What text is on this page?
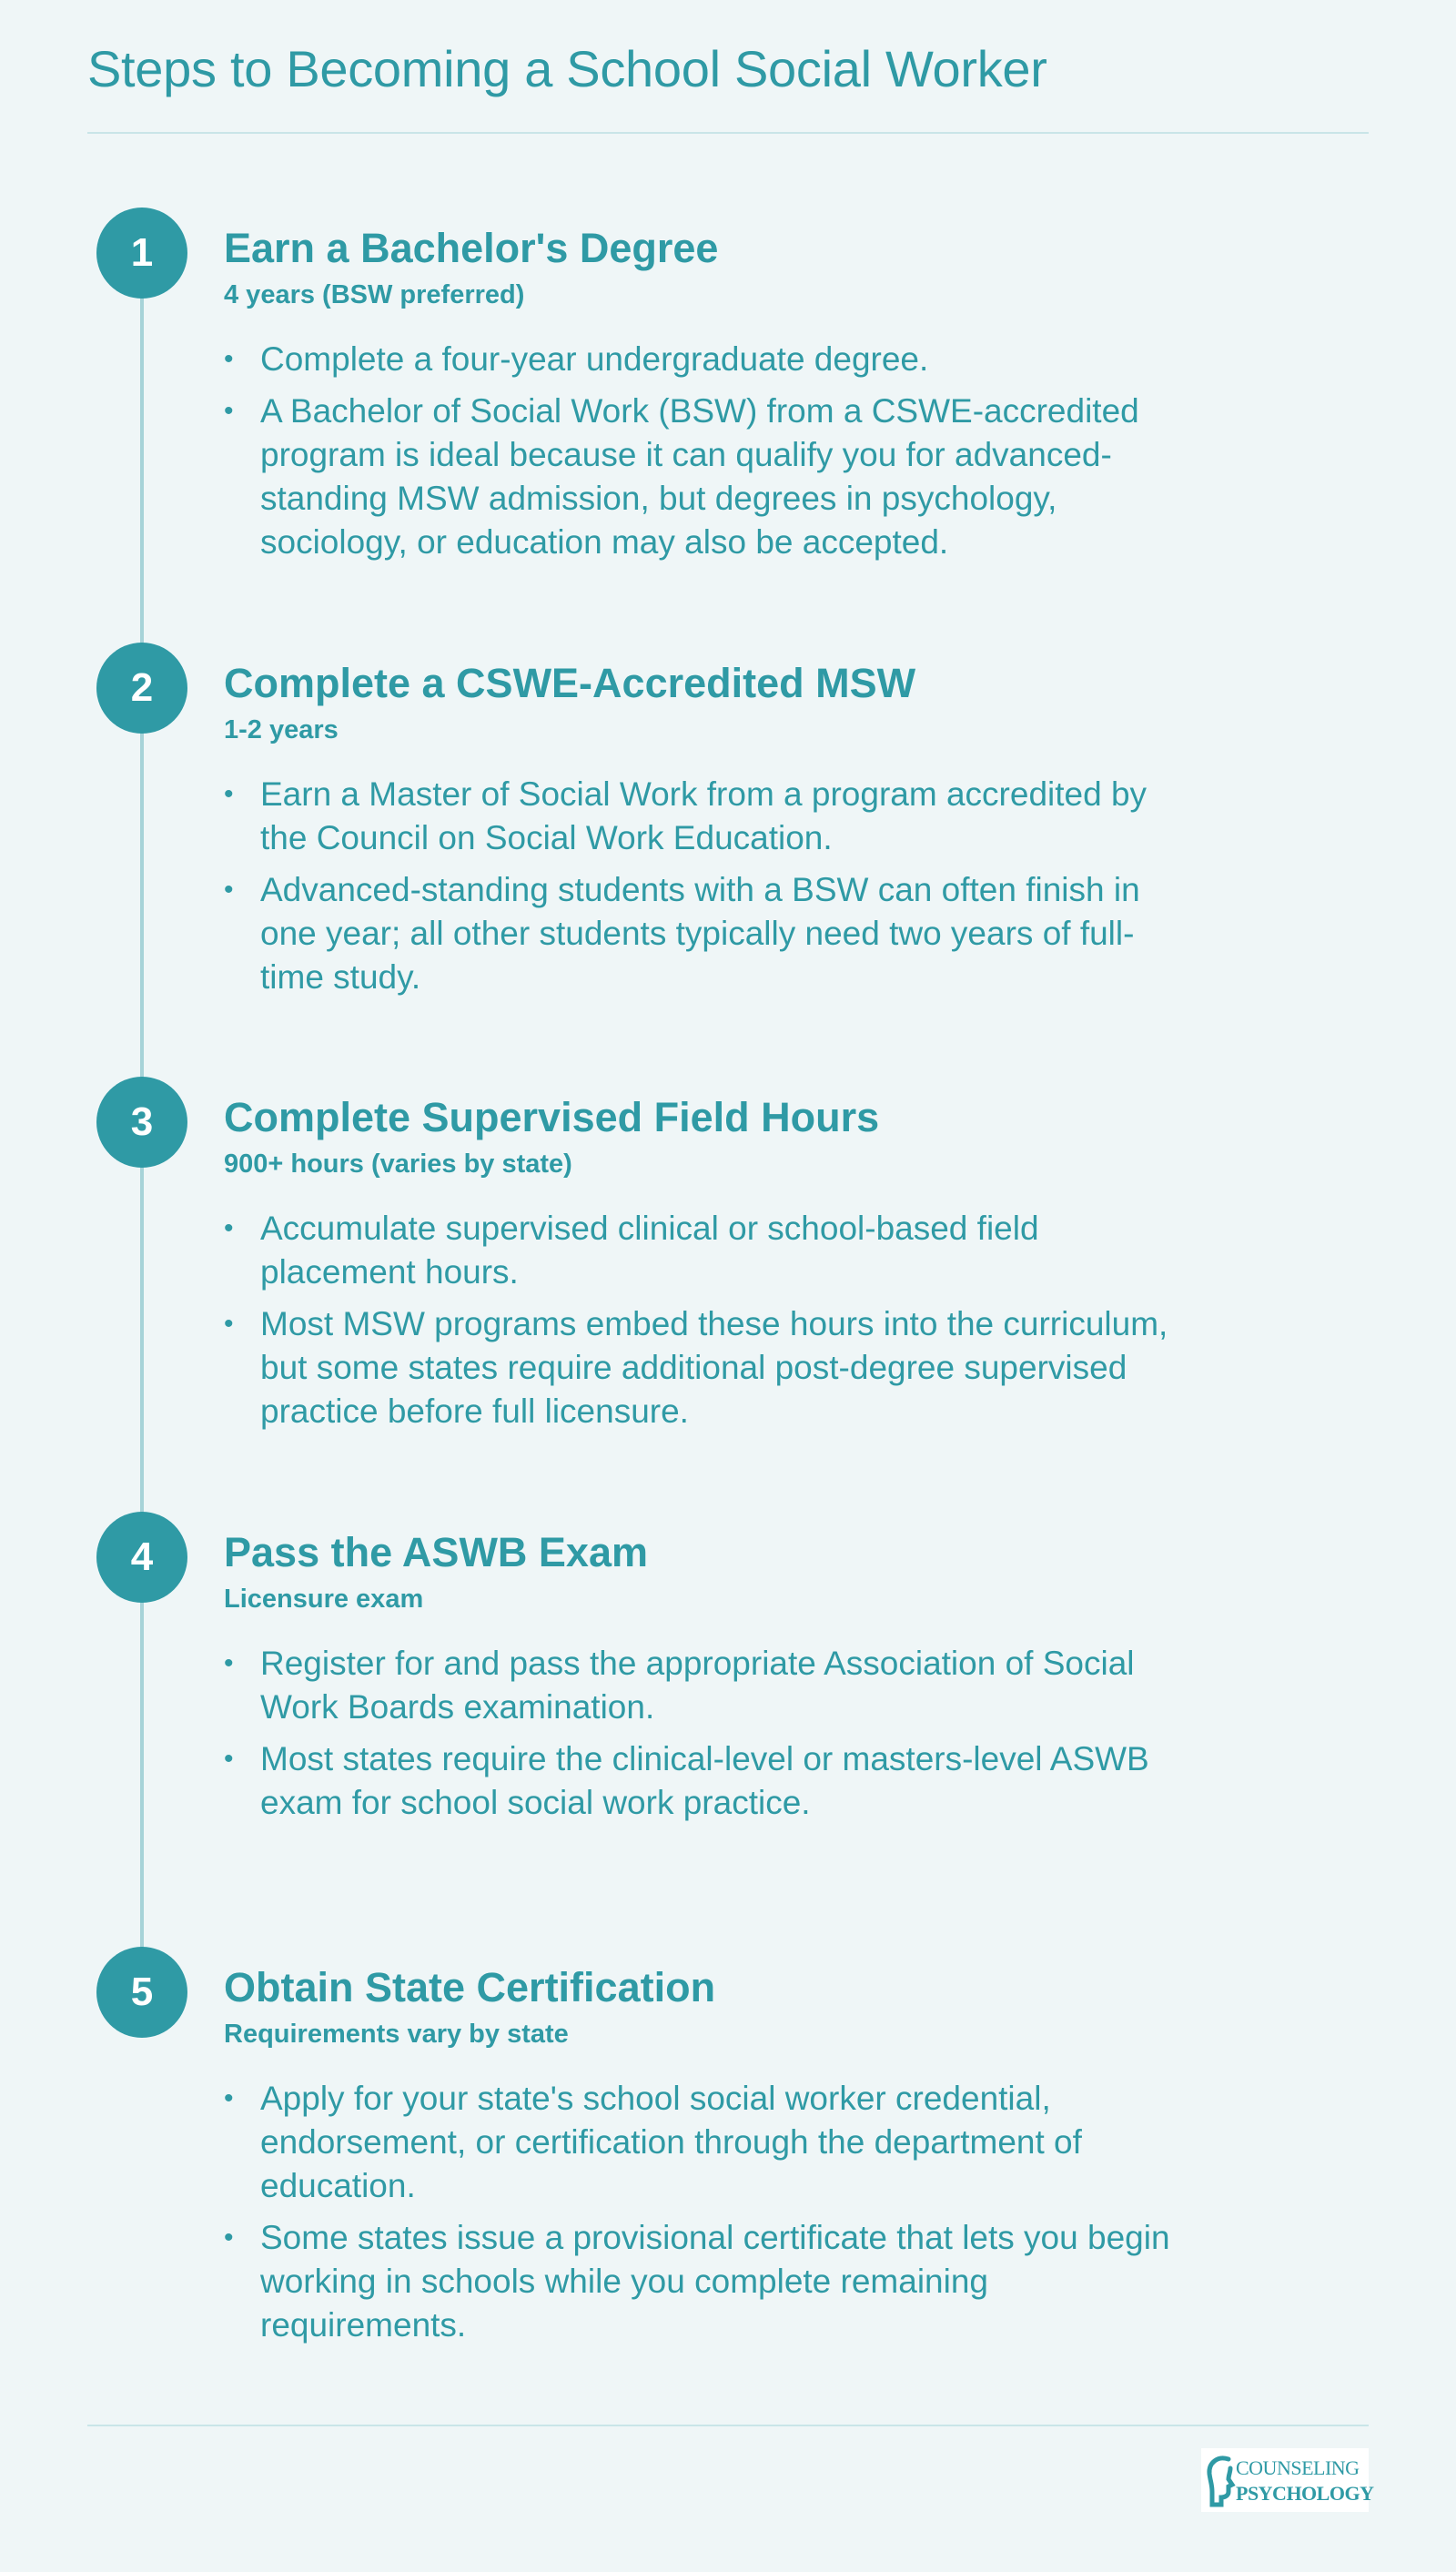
Steps to Becoming a School Social Worker
1	Earn a Bachelor's Degree
4 years (BSW preferred)
• Complete a four-year undergraduate degree.
• A Bachelor of Social Work (BSW) from a CSWE-accredited program is ideal because it can qualify you for advanced-standing MSW admission, but degrees in psychology, sociology, or education may also be accepted.
2	Complete a CSWE-Accredited MSW
1-2 years
• Earn a Master of Social Work from a program accredited by the Council on Social Work Education.
• Advanced-standing students with a BSW can often finish in one year; all other students typically need two years of full-time study.
3	Complete Supervised Field Hours
900+ hours (varies by state)
• Accumulate supervised clinical or school-based field placement hours.
• Most MSW programs embed these hours into the curriculum, but some states require additional post-degree supervised practice before full licensure.
4	Pass the ASWB Exam
Licensure exam
• Register for and pass the appropriate Association of Social Work Boards examination.
• Most states require the clinical-level or masters-level ASWB exam for school social work practice.
5	Obtain State Certification
Requirements vary by state
• Apply for your state's school social worker credential, endorsement, or certification through the department of education.
• Some states issue a provisional certificate that lets you begin working in schools while you complete remaining requirements.
COUNSELING
PSYCHOLOGY
